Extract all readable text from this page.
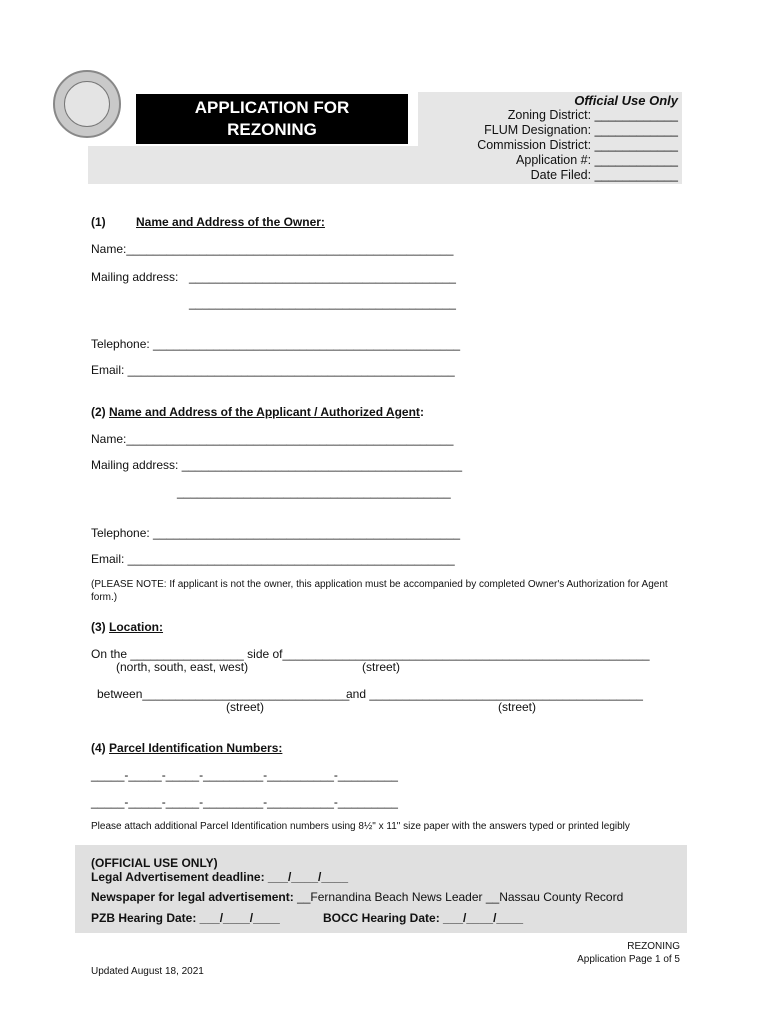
Official Use Only
Zoning District: ____________
FLUM Designation: ____________
Commission District: ____________
Application #: ____________
Date Filed: ____________
APPLICATION FOR
REZONING
(1)	Name and Address of the Owner:
Name:_________________________________________________
Mailing address: ________________________________________
________________________________________
Telephone: ______________________________________________
Email: _________________________________________________
(2) Name and Address of the Applicant / Authorized Agent:
Name:_________________________________________________
Mailing address: __________________________________________
_________________________________________
Telephone: ______________________________________________
Email: _________________________________________________
(PLEASE NOTE: If applicant is not the owner, this application must be accompanied by completed Owner's Authorization for Agent
form.)
(3) Location:
On the _________________ side of_______________________________________________________
(north, south, east, west)	(street)
between_______________________________
and _________________________________________
(street)	(street)
(4) Parcel Identification Numbers:
_____-_____-_____-_________-__________-_________
_____-_____-_____-_________-__________-_________
Please attach additional Parcel Identification numbers using 8½" x 11" size paper with the answers typed or printed legibly
(OFFICIAL USE ONLY)
Legal Advertisement deadline: ___/____/____
Newspaper for legal advertisement: __Fernandina Beach News Leader __Nassau County Record
PZB Hearing Date: ___/____/____	BOCC Hearing Date: ___/____/____
REZONING
Application Page 1 of 5
Updated August 18, 2021
